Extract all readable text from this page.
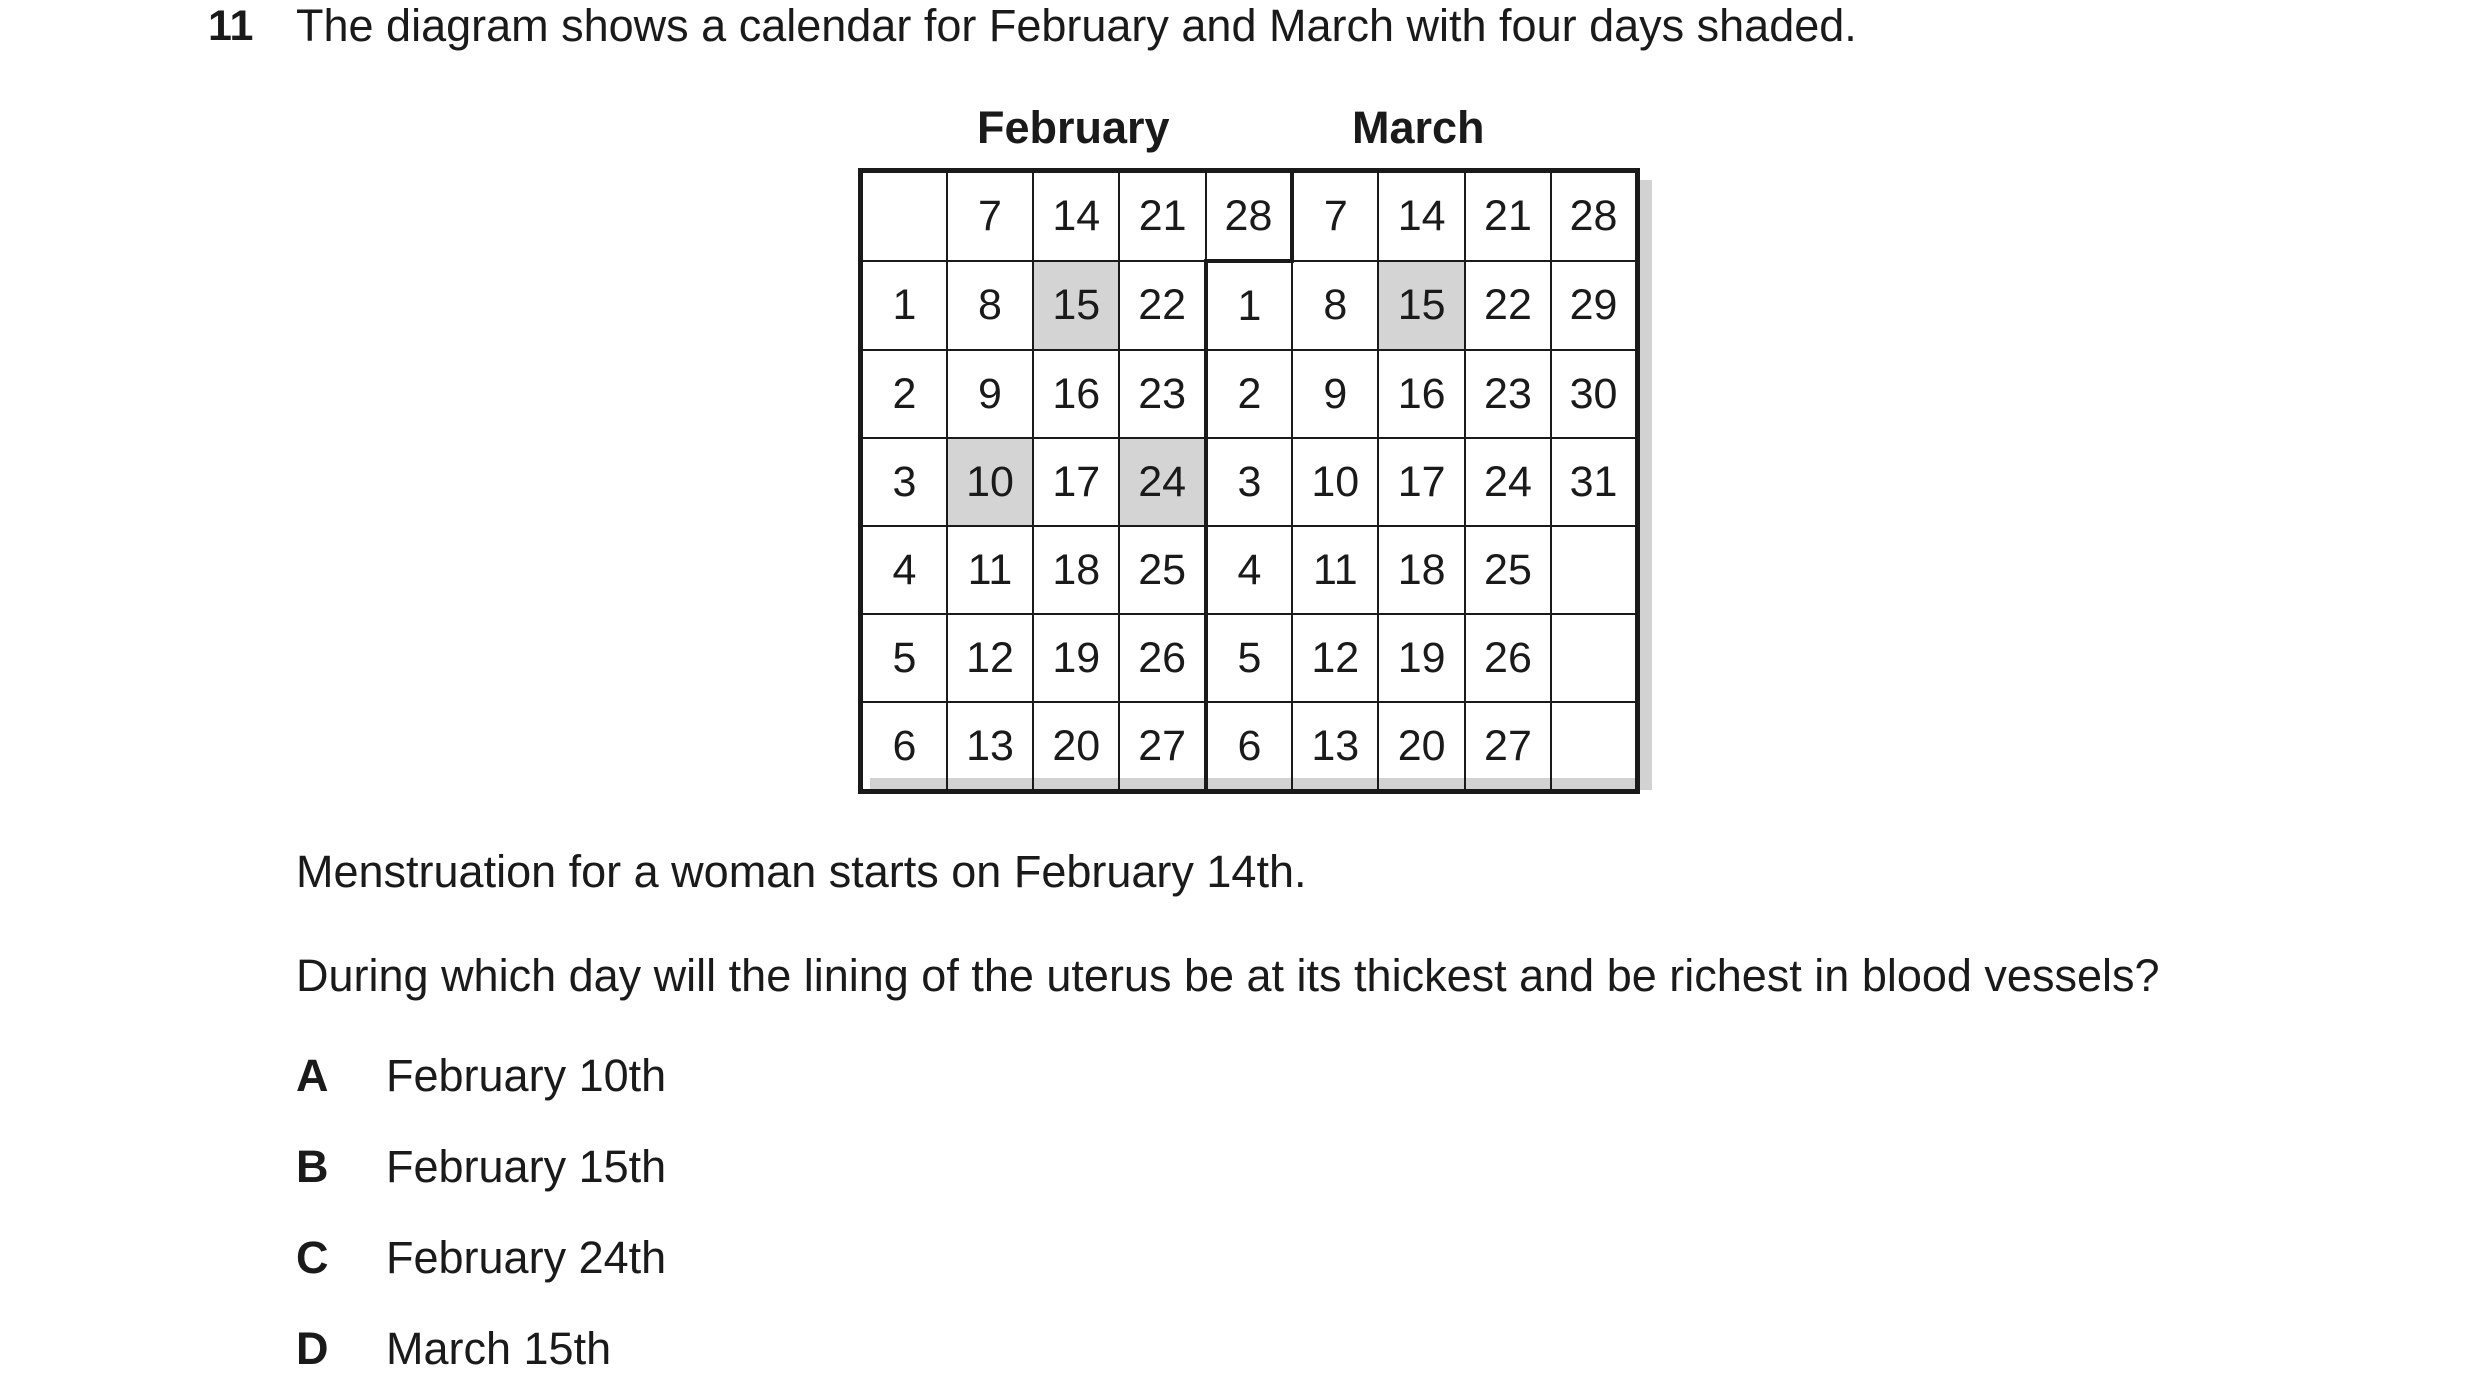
11 The diagram shows a calendar for February and March with four days shaded.
February	March
	7	14	21	28	7	14	21	28
1	8	15	22	1	8	15	22	29
2	9	16	23	2	9	16	23	30
3	10	17	24	3	10	17	24	31
4	11	18	25	4	11	18	25	
5	12	19	26	5	12	19	26	
6	13	20	27	6	13	20	27	
Menstruation for a woman starts on February 14th.
During which day will the lining of the uterus be at its thickest and be richest in blood vessels?
A February 10th
B February 15th
C February 24th
D March 15th
